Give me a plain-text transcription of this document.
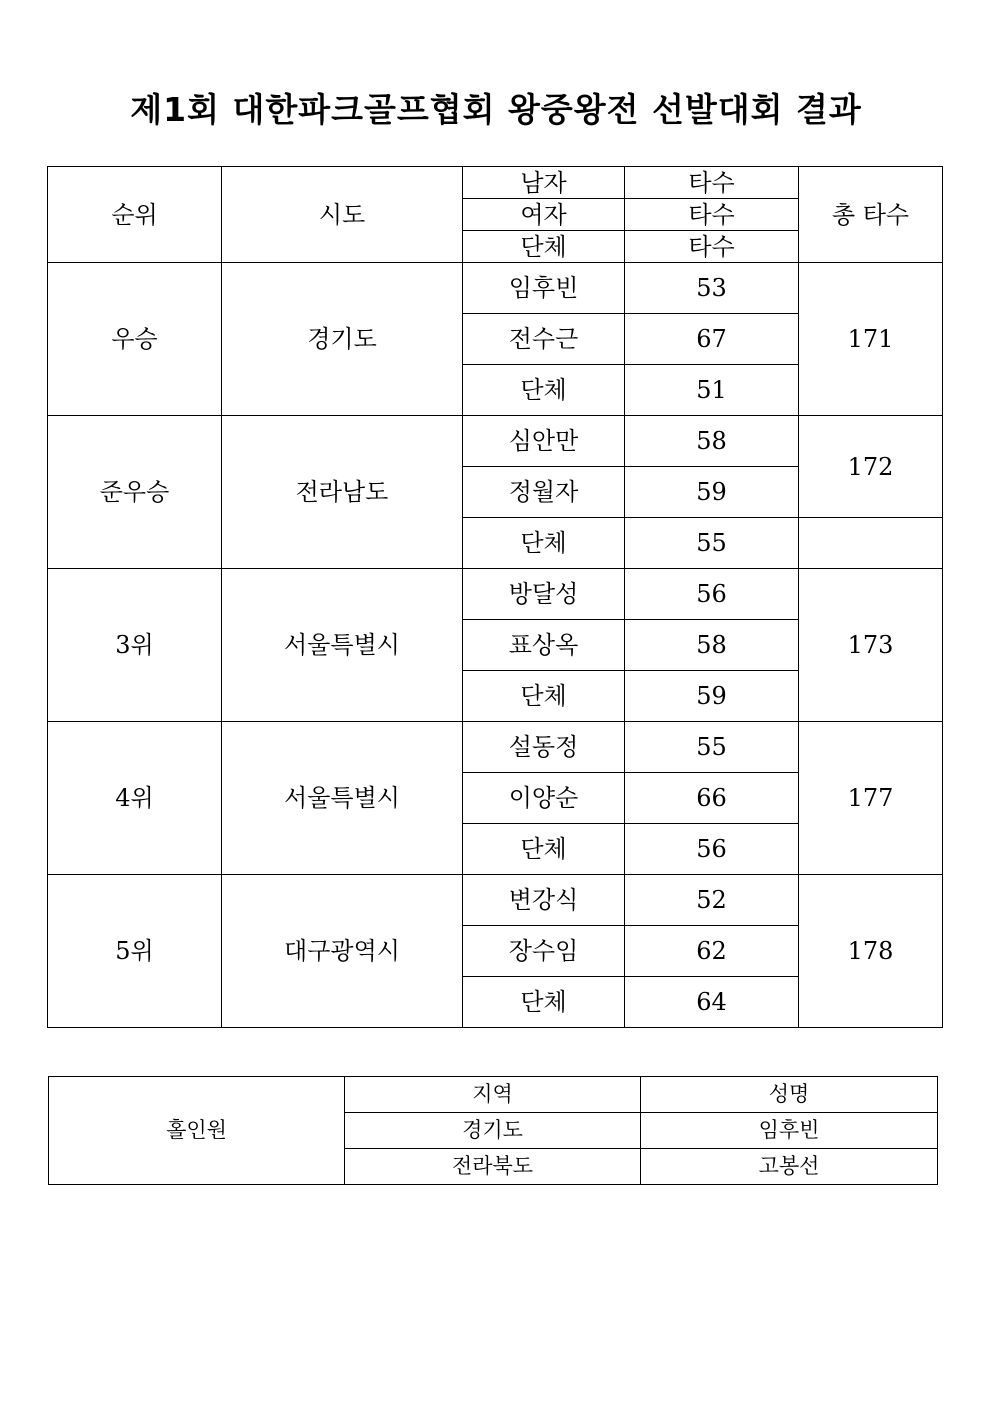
제1회 대한파크골프협회 왕중왕전 선발대회 결과
순위	시도	남자	타수	총 타수
		여자	타수	
		단체	타수	
우승	경기도	임후빈	53	171
		전수근	67	
		단체	51	
준우승	전라남도	심안만	58	172
		정월자	59	
		단체	55	
3위	서울특별시	방달성	56	173
		표상옥	58	
		단체	59	
4위	서울특별시	설동정	55	177
		이양순	66	
		단체	56	
5위	대구광역시	변강식	52	178
		장수임	62	
		단체	64	
홀인원	지역	성명
	경기도	임후빈
	전라북도	고봉선
